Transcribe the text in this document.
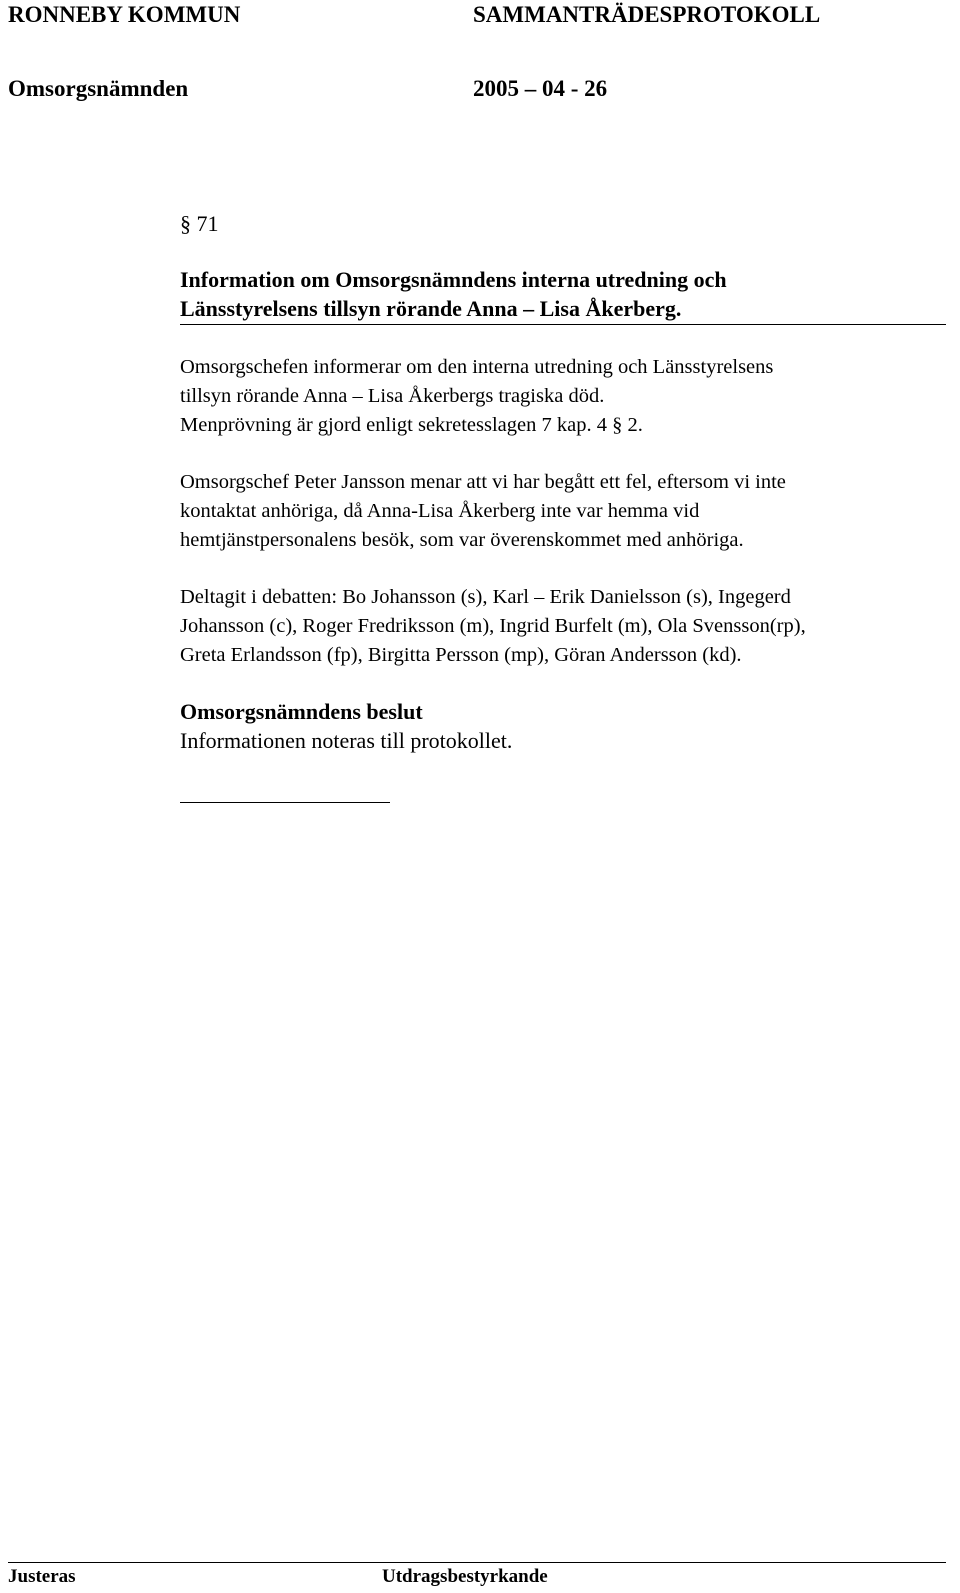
RONNEBY KOMMUN	SAMMANTRÄDESPROTOKOLL
Omsorgsnämnden	2005 – 04 - 26
§ 71
Information om Omsorgsnämndens interna utredning och
Länsstyrelsens tillsyn rörande Anna – Lisa Åkerberg.
Omsorgschefen informerar om den interna utredning och Länsstyrelsens
tillsyn rörande Anna – Lisa Åkerbergs tragiska död.
Menprövning är gjord enligt sekretesslagen 7 kap. 4 § 2.
Omsorgschef Peter Jansson menar att vi har begått ett fel, eftersom vi inte
kontaktat anhöriga, då Anna-Lisa Åkerberg inte var hemma vid
hemtjänstpersonalens besök, som var överenskommet med anhöriga.
Deltagit i debatten: Bo Johansson (s), Karl – Erik Danielsson (s), Ingegerd
Johansson (c), Roger Fredriksson (m), Ingrid Burfelt (m), Ola Svensson(rp),
Greta Erlandsson (fp), Birgitta Persson (mp), Göran Andersson (kd).
Omsorgsnämndens beslut
Informationen noteras till protokollet.
Justeras	Utdragsbestyrkande
